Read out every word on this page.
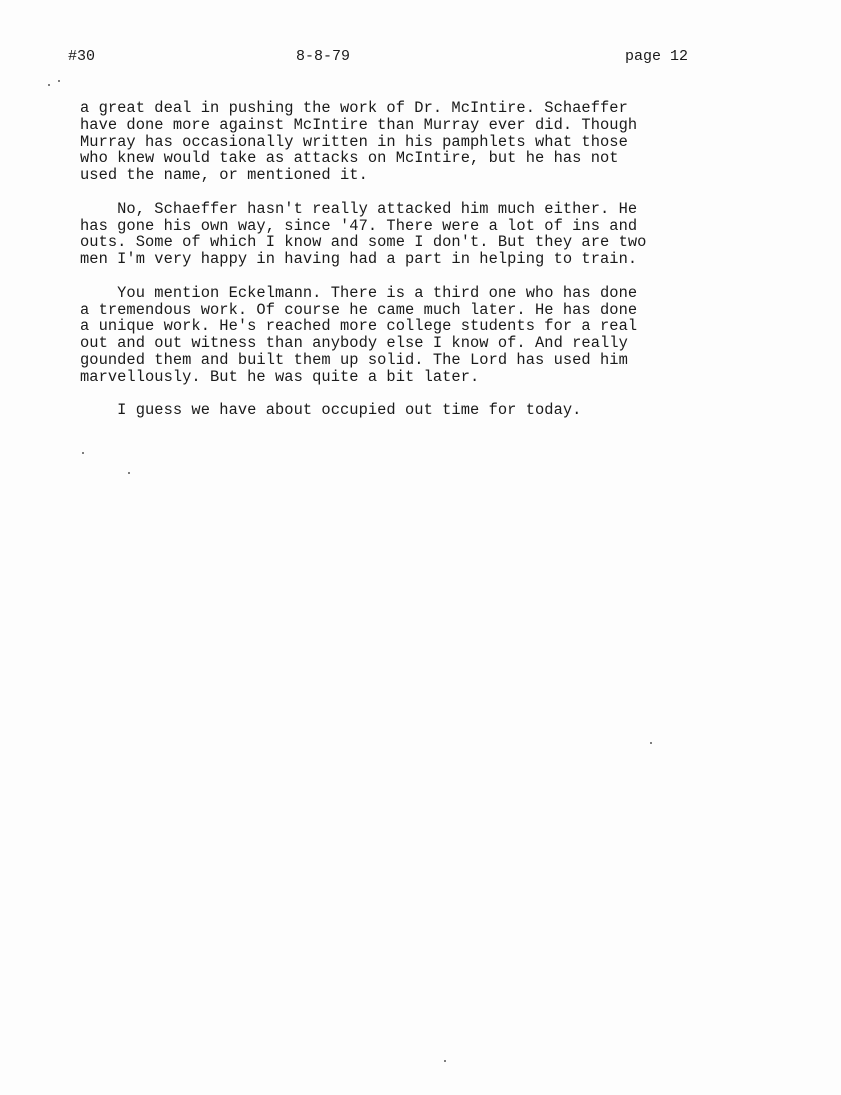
#30	8-8-79	page 12

a great deal in pushing the work of Dr. McIntire. Schaeffer
have done more against McIntire than Murray ever did. Though
Murray has occasionally written in his pamphlets what those
who knew would take as attacks on McIntire, but he has not
used the name, or mentioned it.

No, Schaeffer hasn't really attacked him much either. He
has gone his own way, since '47. There were a lot of ins and
outs. Some of which I know and some I don't. But they are two
men I'm very happy in having had a part in helping to train.

You mention Eckelmann. There is a third one who has done
a tremendous work. Of course he came much later. He has done
a unique work. He's reached more college students for a real
out and out witness than anybody else I know of. And really
gounded them and built them up solid. The Lord has used him
marvellously. But he was quite a bit later.

I guess we have about occupied out time for today.
